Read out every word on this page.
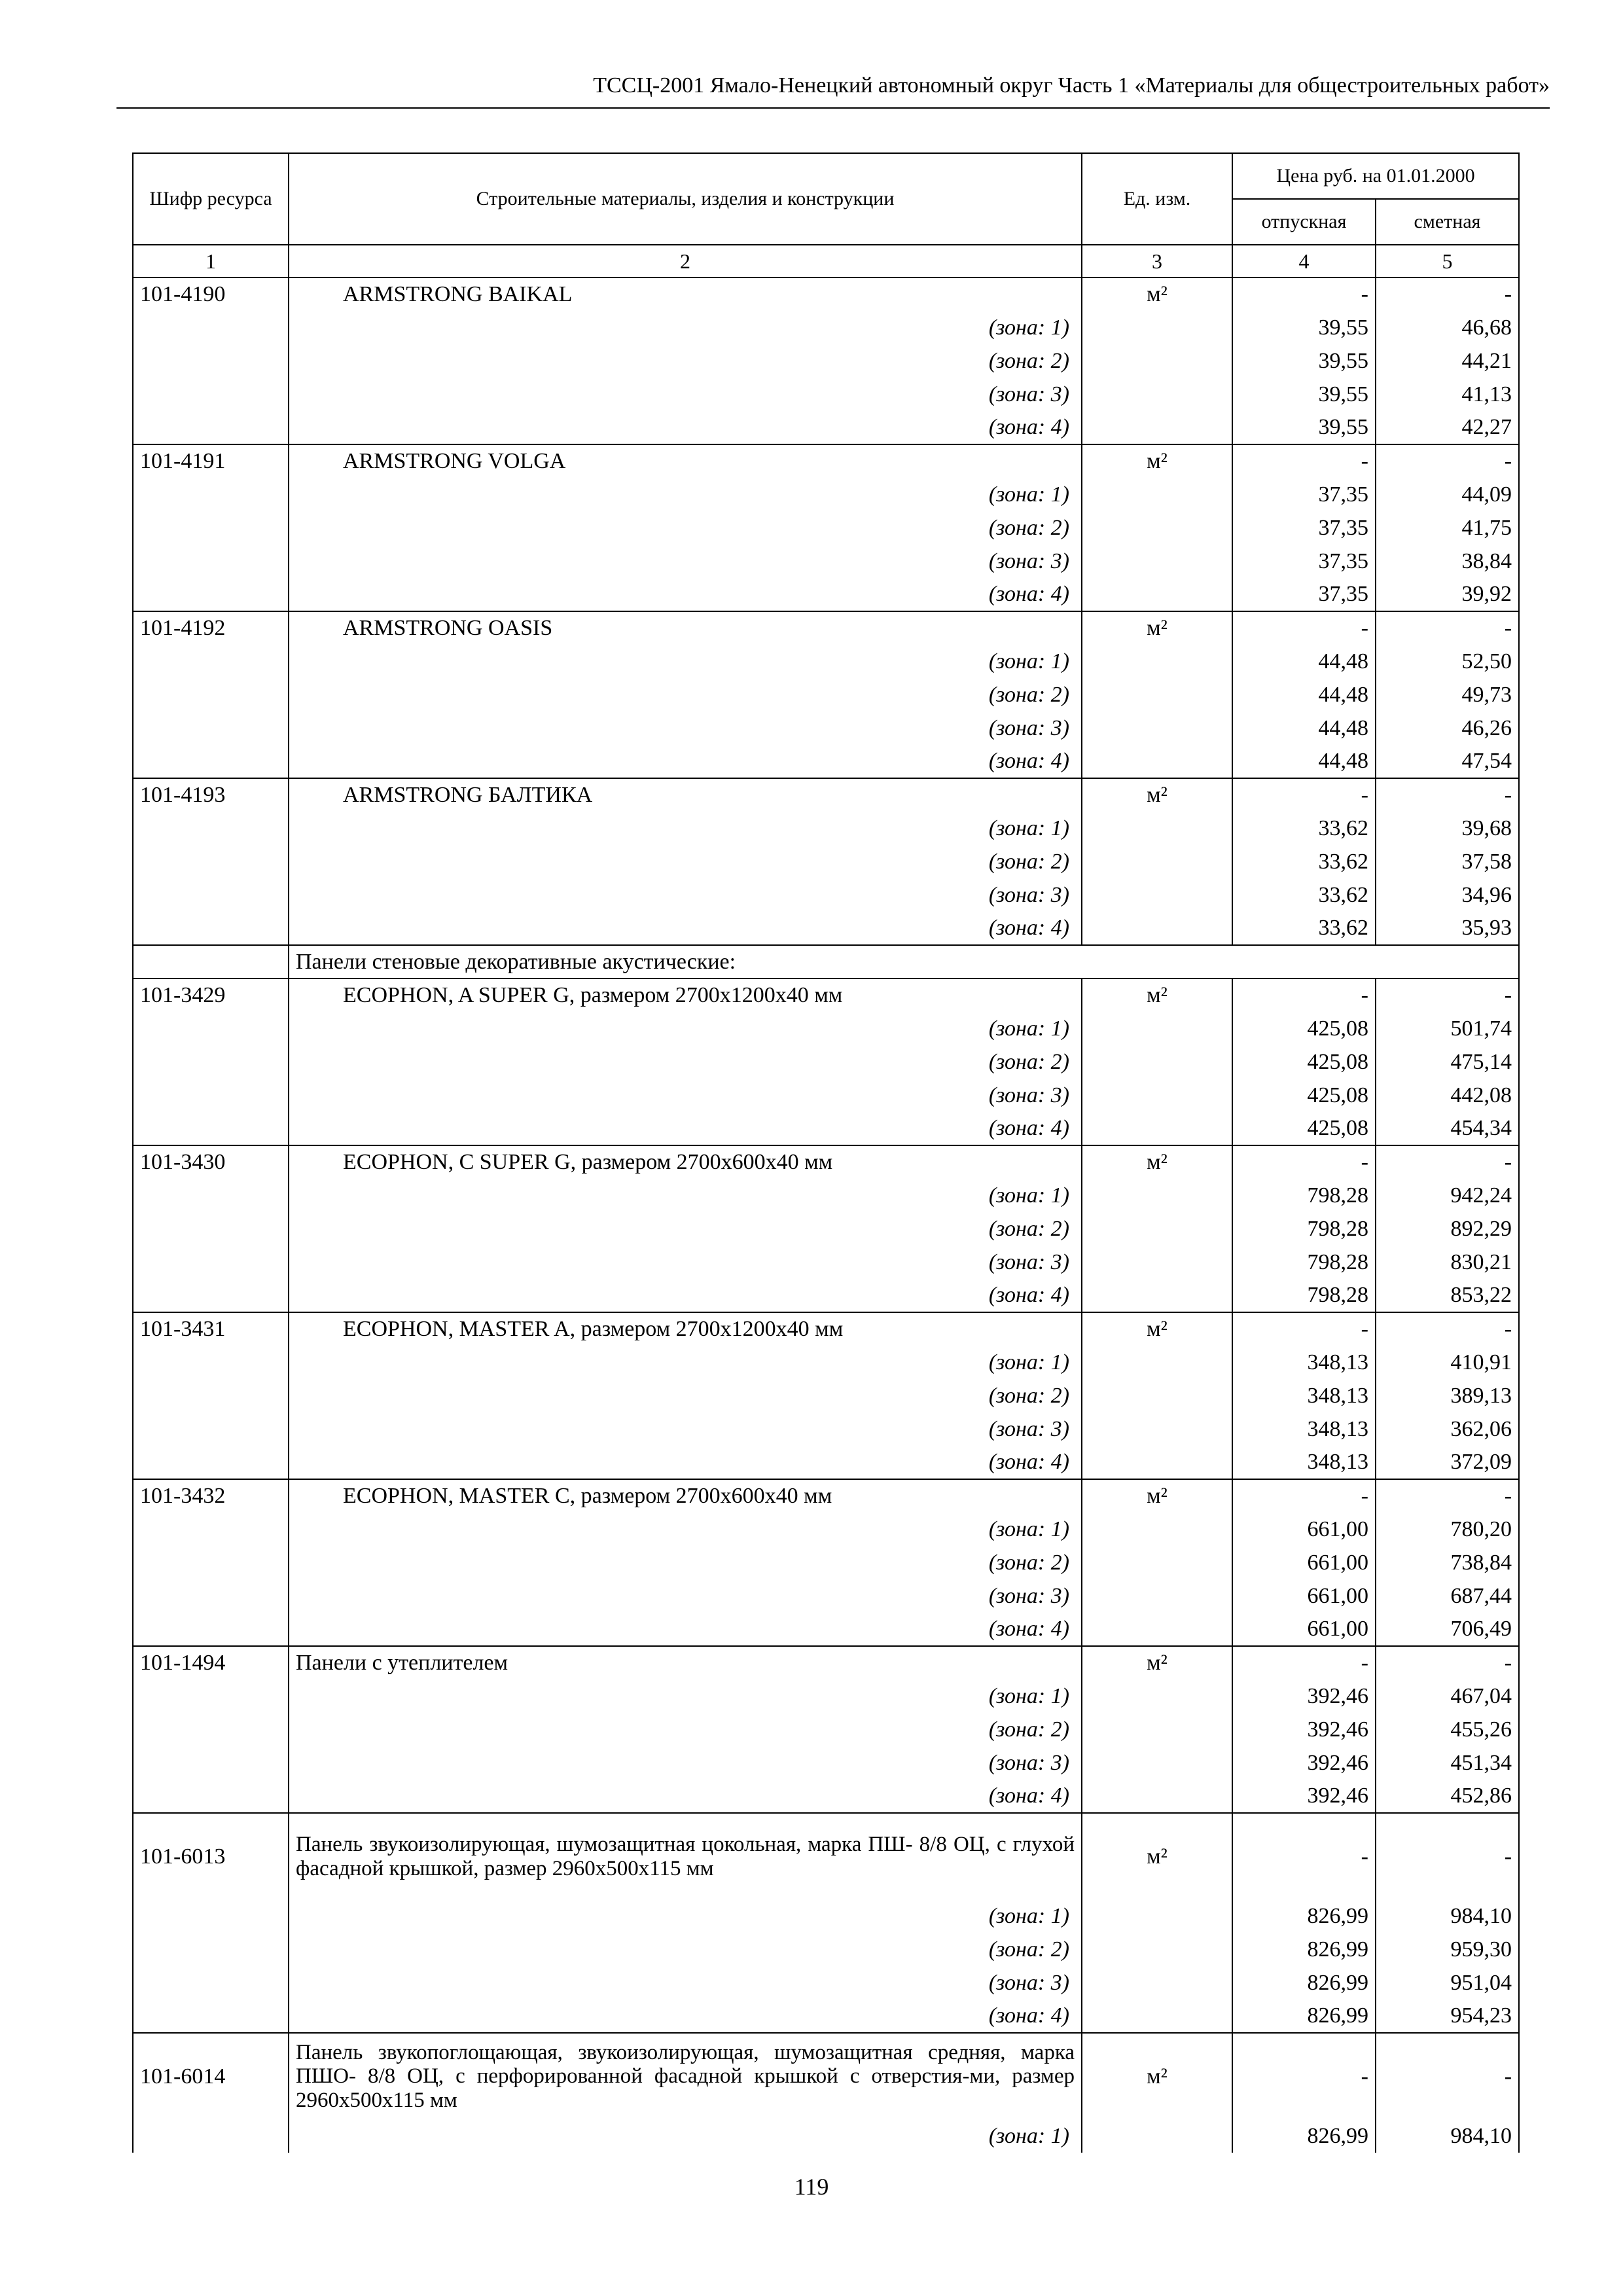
ТССЦ-2001 Ямало-Ненецкий автономный округ Часть 1 «Материалы для общестроительных работ»
Шифр ресурса	Строительные материалы, изделия и конструкции	Ед. изм.	Цена руб. на 01.01.2000	
			отпускная	сметная
1	2	3	4	5
101-4190	ARMSTRONG BAIKAL	м²	-	-
	(зона: 1)		39,55	46,68
	(зона: 2)		39,55	44,21
	(зона: 3)		39,55	41,13
	(зона: 4)		39,55	42,27
101-4191	ARMSTRONG VOLGA	м²	-	-
	(зона: 1)		37,35	44,09
	(зона: 2)		37,35	41,75
	(зона: 3)		37,35	38,84
	(зона: 4)		37,35	39,92
101-4192	ARMSTRONG OASIS	м²	-	-
	(зона: 1)		44,48	52,50
	(зона: 2)		44,48	49,73
	(зона: 3)		44,48	46,26
	(зона: 4)		44,48	47,54
101-4193	ARMSTRONG БАЛТИКА	м²	-	-
	(зона: 1)		33,62	39,68
	(зона: 2)		33,62	37,58
	(зона: 3)		33,62	34,96
	(зона: 4)		33,62	35,93
	Панели стеновые декоративные акустические:			
101-3429	ECOPHON, A SUPER G, размером 2700х1200х40 мм	м²	-	-
	(зона: 1)		425,08	501,74
	(зона: 2)		425,08	475,14
	(зона: 3)		425,08	442,08
	(зона: 4)		425,08	454,34
101-3430	ECOPHON, C SUPER G, размером 2700х600х40 мм	м²	-	-
	(зона: 1)		798,28	942,24
	(зона: 2)		798,28	892,29
	(зона: 3)		798,28	830,21
	(зона: 4)		798,28	853,22
101-3431	ECOPHON, MASTER A, размером 2700х1200х40 мм	м²	-	-
	(зона: 1)		348,13	410,91
	(зона: 2)		348,13	389,13
	(зона: 3)		348,13	362,06
	(зона: 4)		348,13	372,09
101-3432	ECOPHON, MASTER C, размером 2700х600х40 мм	м²	-	-
	(зона: 1)		661,00	780,20
	(зона: 2)		661,00	738,84
	(зона: 3)		661,00	687,44
	(зона: 4)		661,00	706,49
101-1494	Панели с утеплителем	м²	-	-
	(зона: 1)		392,46	467,04
	(зона: 2)		392,46	455,26
	(зона: 3)		392,46	451,34
	(зона: 4)		392,46	452,86
101-6013	Панель звукоизолирующая, шумозащитная цокольная, марка ПШ- 8/8 ОЦ, с глухой фасадной крышкой, размер 2960х500х115 мм	м²	-	-
	(зона: 1)		826,99	984,10
	(зона: 2)		826,99	959,30
	(зона: 3)		826,99	951,04
	(зона: 4)		826,99	954,23
101-6014	Панель звукопоглощающая, звукоизолирующая, шумозащитная средняя, марка ПШО- 8/8 ОЦ, с перфорированной фасадной крышкой с отверстия-ми, размер 2960х500х115 мм	м²	-	-
	(зона: 1)		826,99	984,10
119
